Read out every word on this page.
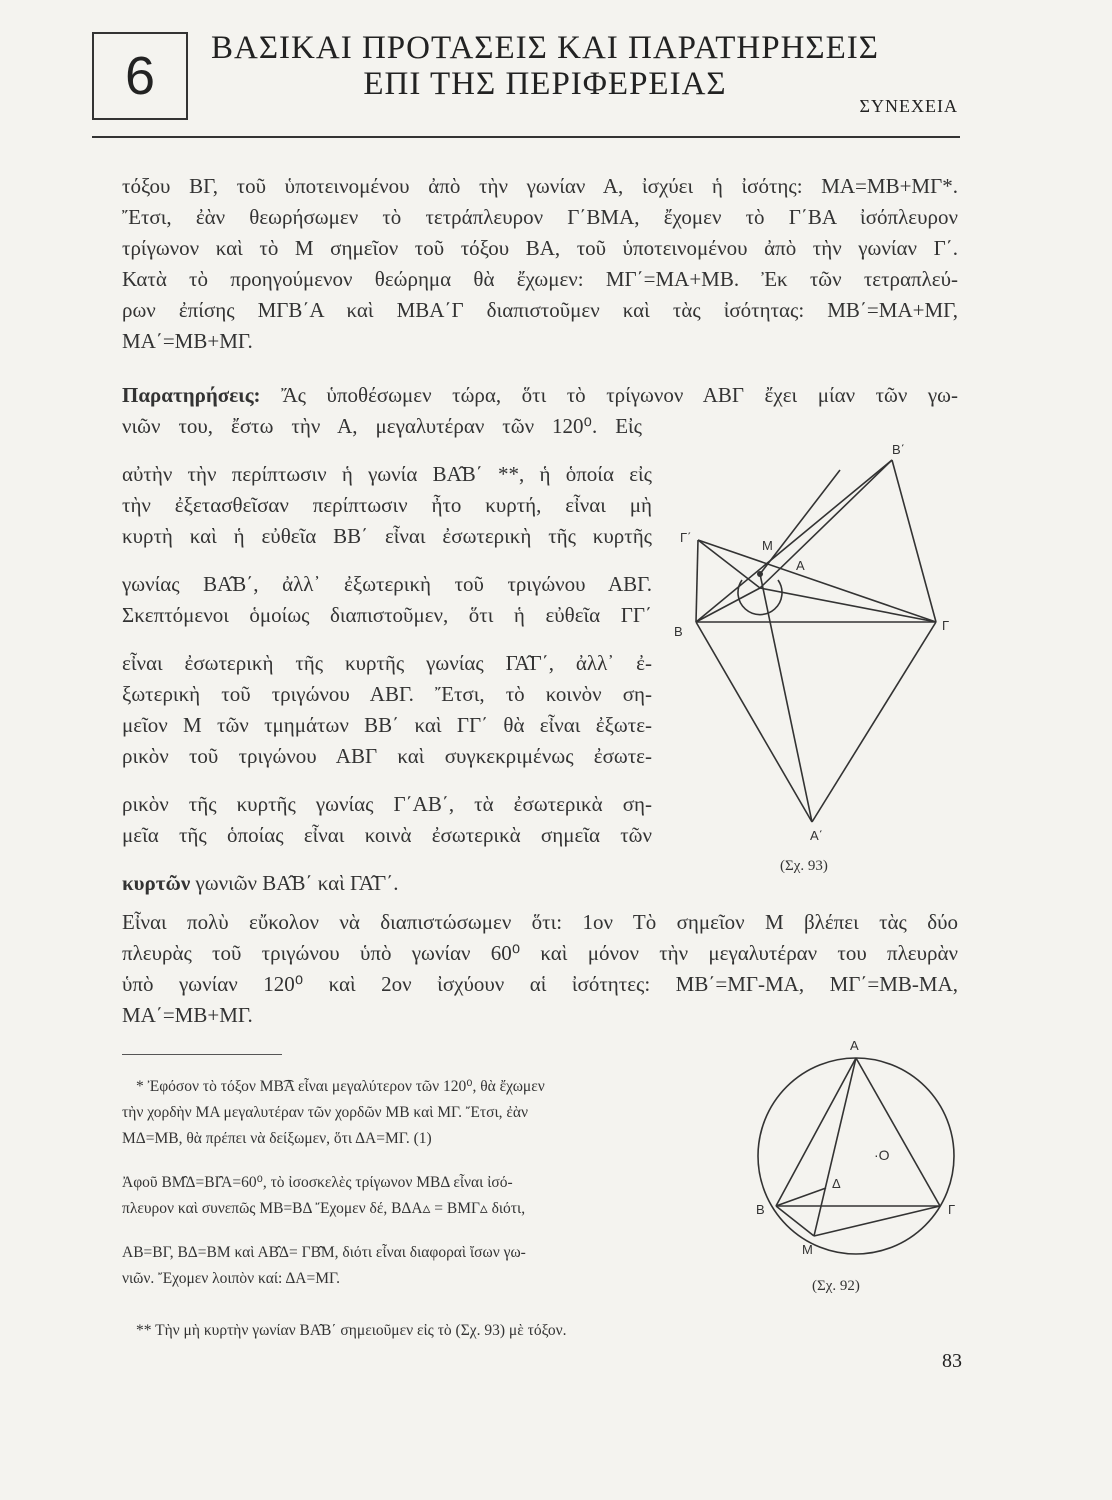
6	ΒΑΣΙΚΑΙ ΠΡΟΤΑΣΕΙΣ ΚΑΙ ΠΑΡΑΤΗΡΗΣΕΙΣ
ΕΠΙ ΤΗΣ ΠΕΡΙΦΕΡΕΙΑΣ
ΣΥΝΕΧΕΙΑ
τόξου ΒΓ, τοῦ ὑποτεινομένου ἀπὸ τὴν γωνίαν Α, ἰσχύει ἡ ἰσότης: ΜΑ=ΜΒ+ΜΓ*.
Ἔτσι, ἐὰν θεωρήσωμεν τὸ τετράπλευρον Γ΄ΒΜΑ, ἔχομεν τὸ Γ΄ΒΑ ἰσόπλευρον
τρίγωνον καὶ τὸ Μ σημεῖον τοῦ τόξου ΒΑ, τοῦ ὑποτεινομένου ἀπὸ τὴν γωνίαν Γ΄.
Κατὰ τὸ προηγούμενον θεώρημα θὰ ἔχωμεν: ΜΓ΄=ΜΑ+ΜΒ. Ἐκ τῶν τετραπλεύ-
ρων ἐπίσης ΜΓΒ΄Α καὶ ΜΒΑ΄Γ διαπιστοῦμεν καὶ τὰς ἰσότητας: ΜΒ΄=ΜΑ+ΜΓ,
ΜΑ΄=ΜΒ+ΜΓ.
Παρατηρήσεις: Ἄς ὑποθέσωμεν τώρα, ὅτι τὸ τρίγωνον ΑΒΓ ἔχει μίαν τῶν γω-
νιῶν του, ἔστω τὴν Α, μεγαλυτέραν τῶν 120⁰. Εἰς
αὐτὴν τὴν περίπτωσιν ἡ γωνία ΒΑ̂Β΄ **, ἡ ὁποία εἰς
τὴν ἐξετασθεῖσαν περίπτωσιν ἦτο κυρτή, εἶναι μὴ
κυρτὴ καὶ ἡ εὐθεῖα ΒΒ΄ εἶναι ἐσωτερικὴ τῆς κυρτῆς
γωνίας ΒΑ̂Β΄, ἀλλ᾽ ἐξωτερικὴ τοῦ τριγώνου ΑΒΓ.
Σκεπτόμενοι ὁμοίως διαπιστοῦμεν, ὅτι ἡ εὐθεῖα ΓΓ΄
εἶναι ἐσωτερικὴ τῆς κυρτῆς γωνίας ΓΑ̂Γ΄, ἀλλ᾽ ἐ-
ξωτερικὴ τοῦ τριγώνου ΑΒΓ. Ἔτσι, τὸ κοινὸν ση-
μεῖον Μ τῶν τμημάτων ΒΒ΄ καὶ ΓΓ΄ θὰ εἶναι ἐξωτε-
ρικὸν τοῦ τριγώνου ΑΒΓ καὶ συγκεκριμένως ἐσωτε-
ρικὸν τῆς κυρτῆς γωνίας Γ΄ΑΒ΄, τὰ ἐσωτερικὰ ση-
μεῖα τῆς ὁποίας εἶναι κοινὰ ἐσωτερικὰ σημεῖα τῶν
κυρτῶν γωνιῶν ΒΑ̂Β΄ καὶ ΓΑ̂Γ΄.
Εἶναι πολὺ εὔκολον νὰ διαπιστώσωμεν ὅτι: 1ον Τὸ σημεῖον Μ βλέπει τὰς δύο
πλευρὰς τοῦ τριγώνου ὑπὸ γωνίαν 60⁰ καὶ μόνον τὴν μεγαλυτέραν του πλευρὰν
ὑπὸ γωνίαν 120⁰ καὶ 2ον ἰσχύουν αἱ ἰσότητες: ΜΒ΄=ΜΓ-ΜΑ, ΜΓ΄=ΜΒ-ΜΑ,
ΜΑ΄=ΜΒ+ΜΓ.
* Ἐφόσον τὸ τόξον ΜΒ͡Α εἶναι μεγαλύτερον τῶν 120⁰, θὰ ἔχωμεν
τὴν χορδὴν ΜΑ μεγαλυτέραν τῶν χορδῶν ΜΒ καὶ ΜΓ. Ἔτσι, ἐὰν
ΜΔ=ΜΒ, θὰ πρέπει νὰ δείξωμεν, ὅτι ΔΑ=ΜΓ. (1)
Ἀφοῦ ΒΜ̂Δ=ΒΓ̂Α=60⁰, τὸ ἰσοσκελὲς τρίγωνον ΜΒΔ εἶναι ἰσό-
πλευρον καὶ συνεπῶς ΜΒ=ΒΔ Ἔχομεν δέ, ΒΔΑ▵ = ΒΜΓ▵ διότι,
ΑΒ=ΒΓ, ΒΔ=ΒΜ καὶ ΑΒ̂Δ= ΓΒ̂Μ, διότι εἶναι διαφοραὶ ἴσων γω-
νιῶν. Ἔχομεν λοιπὸν καί: ΔΑ=ΜΓ.
** Τὴν μὴ κυρτὴν γωνίαν ΒΑ̂Β΄ σημειοῦμεν εἰς τὸ (Σχ. 93) μὲ τόξον.
B	Γ
A
M
B΄
Γ΄
A΄
(Σχ. 93)
A
B	Γ
M
·O
Δ
(Σχ. 92)
83
